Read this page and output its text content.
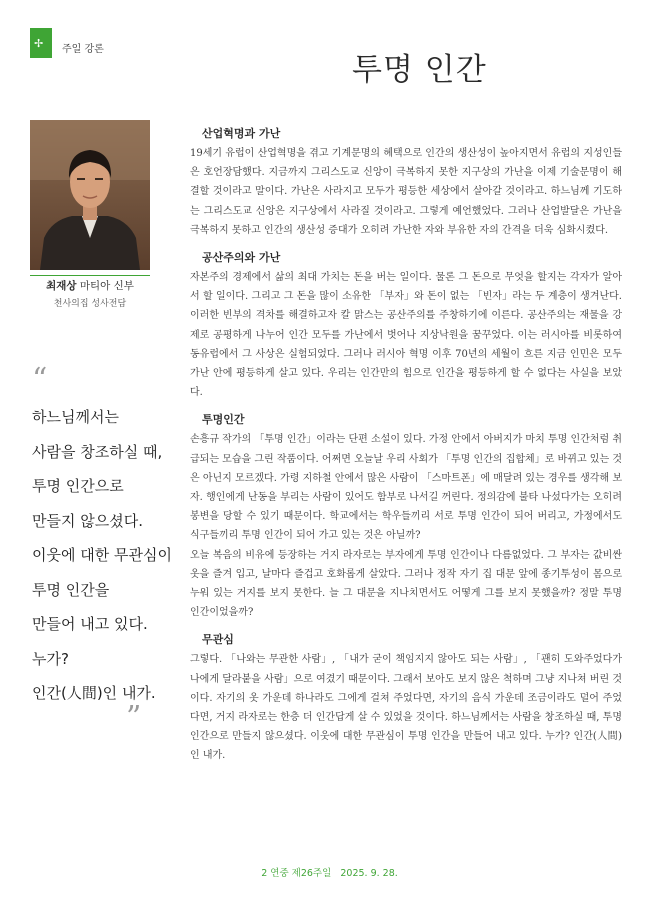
✢ 주일 강론
투명 인간
최재상 마티아 신부
천사의집 성사전담
“
하느님께서는
사람을 창조하실 때,
투명 인간으로
만들지 않으셨다.
이웃에 대한 무관심이
투명 인간을
만들어 내고 있다.
누가?
인간(人間)인 내가.
”
산업혁명과 가난

19세기 유럽이 산업혁명을 겪고 기계문명의 혜택으로 인간의 생산성이 높아지면서 유럽의 지성인들은 호언장담했다. 지금까지 그리스도교 신앙이 극복하지 못한 지구상의 가난을 이제 기술문명이 해결할 것이라고 말이다. 가난은 사라지고 모두가 평등한 세상에서 살아갈 것이라고. 하느님께 기도하는 그리스도교 신앙은 지구상에서 사라질 것이라고. 그렇게 예언했었다. 그러나 산업발달은 가난을 극복하지 못하고 인간의 생산성 증대가 오히려 가난한 자와 부유한 자의 간격을 더욱 심화시켰다.

공산주의와 가난

자본주의 경제에서 삶의 최대 가치는 돈을 버는 일이다. 물론 그 돈으로 무엇을 할지는 각자가 알아서 할 일이다. 그리고 그 돈을 많이 소유한 「부자」와 돈이 없는 「빈자」라는 두 계층이 생겨난다. 이러한 빈부의 격차를 해결하고자 칼 맑스는 공산주의를 주창하기에 이른다. 공산주의는 재물을 강제로 공평하게 나누어 인간 모두를 가난에서 벗어나 지상낙원을 꿈꾸었다. 이는 러시아를 비롯하여 동유럽에서 그 사상은 실험되었다. 그러나 러시아 혁명 이후 70년의 세월이 흐른 지금 인민은 모두 가난 안에 평등하게 살고 있다. 우리는 인간만의 힘으로 인간을 평등하게 할 수 없다는 사실을 보았다.

투명인간

손흥규 작가의 「투명 인간」이라는 단편 소설이 있다. 가정 안에서 아버지가 마치 투명 인간처럼 취급되는 모습을 그린 작품이다. 어쩌면 오늘날 우리 사회가 「투명 인간의 집합체」로 바뀌고 있는 것은 아닌지 모르겠다. 가령 지하철 안에서 많은 사람이 「스마트폰」에 매달려 있는 경우를 생각해 보자. 행인에게 난동을 부리는 사람이 있어도 함부로 나서길 꺼린다. 정의감에 불타 나섰다가는 오히려 봉변을 당할 수 있기 때문이다. 학교에서는 학우들끼리 서로 투명 인간이 되어 버리고, 가정에서도 식구들끼리 투명 인간이 되어 가고 있는 것은 아닐까?

오늘 복음의 비유에 등장하는 거지 라자로는 부자에게 투명 인간이나 다름없었다. 그 부자는 값비싼 옷을 즐겨 입고, 날마다 즐겁고 호화롭게 살았다. 그러나 정작 자기 집 대문 앞에 종기투성이 몸으로 누워 있는 거지를 보지 못한다. 늘 그 대문을 지나치면서도 어떻게 그를 보지 못했을까? 정말 투명 인간이었을까?

무관심

그렇다. 「나와는 무관한 사람」, 「내가 굳이 책임지지 않아도 되는 사람」, 「괜히 도와주었다가 나에게 달라붙을 사람」으로 여겼기 때문이다. 그래서 보아도 보지 않은 척하며 그냥 지나쳐 버린 것이다. 자기의 옷 가운데 하나라도 그에게 걸쳐 주었다면, 자기의 음식 가운데 조금이라도 덜어 주었다면, 거지 라자로는 한층 더 인간답게 살 수 있었을 것이다. 하느님께서는 사람을 창조하실 때, 투명 인간으로 만들지 않으셨다. 이웃에 대한 무관심이 투명 인간을 만들어 내고 있다. 누가? 인간(人間)인 내가.

2 연중 제26주일 2025. 9. 28.
